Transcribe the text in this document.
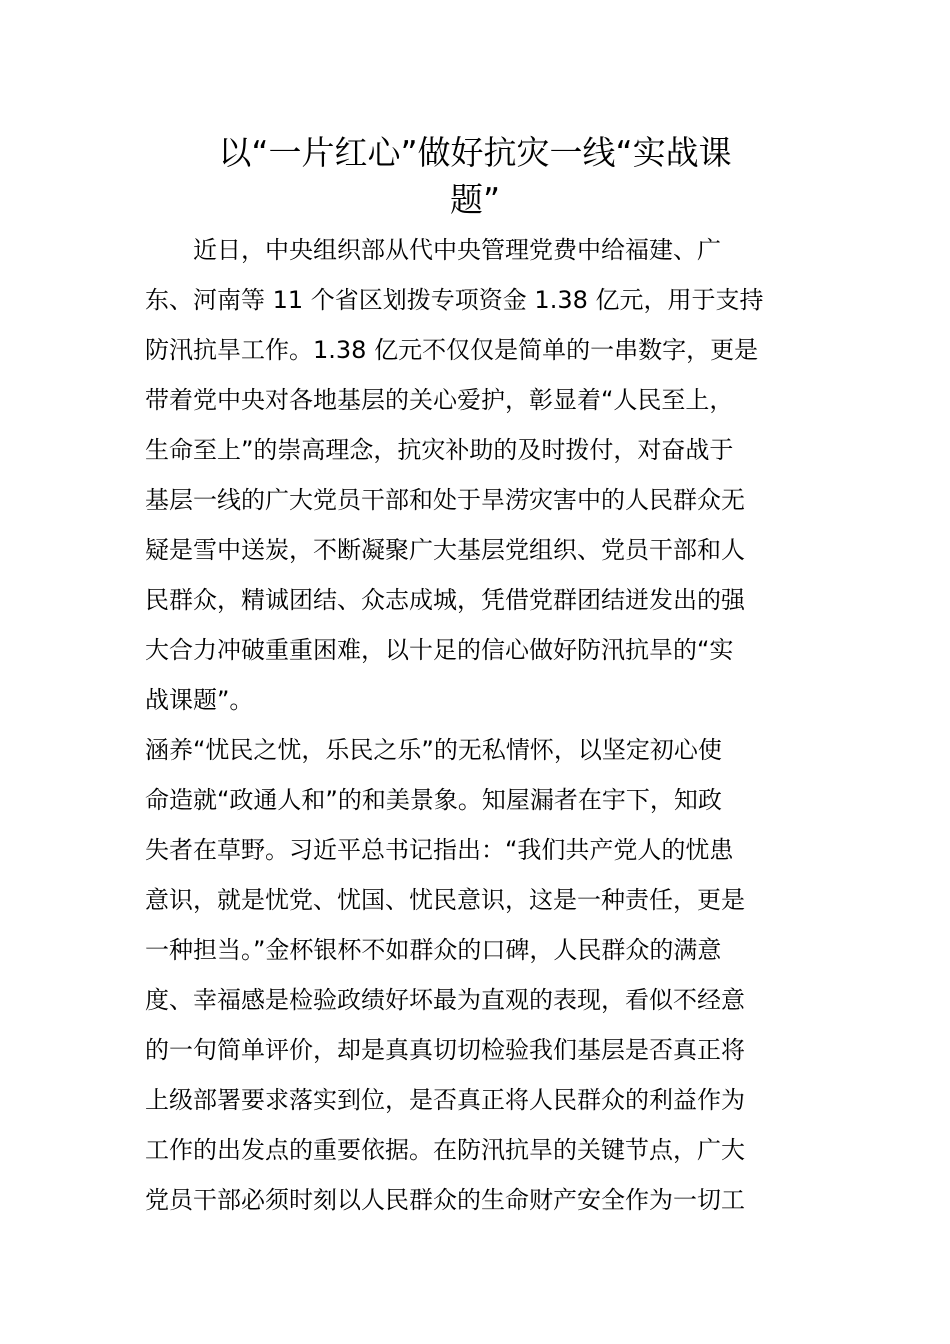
以“一片红心”做好抗灾一线“实战课
题”

　　近日，中央组织部从代中央管理党费中给福建、广

东、河南等 11 个省区划拨专项资金 1.38 亿元，用于支持

防汛抗旱工作。1.38 亿元不仅仅是简单的一串数字，更是

带着党中央对各地基层的关心爱护，彰显着“人民至上，

生命至上”的崇高理念，抗灾补助的及时拨付，对奋战于

基层一线的广大党员干部和处于旱涝灾害中的人民群众无

疑是雪中送炭，不断凝聚广大基层党组织、党员干部和人

民群众，精诚团结、众志成城，凭借党群团结迸发出的强

大合力冲破重重困难，以十足的信心做好防汛抗旱的“实

战课题”。

涵养“忧民之忧，乐民之乐”的无私情怀，以坚定初心使

命造就“政通人和”的和美景象。知屋漏者在宇下，知政

失者在草野。习近平总书记指出：“我们共产党人的忧患

意识，就是忧党、忧国、忧民意识，这是一种责任，更是

一种担当。”金杯银杯不如群众的口碑，人民群众的满意

度、幸福感是检验政绩好坏最为直观的表现，看似不经意

的一句简单评价，却是真真切切检验我们基层是否真正将

上级部署要求落实到位，是否真正将人民群众的利益作为

工作的出发点的重要依据。在防汛抗旱的关键节点，广大

党员干部必须时刻以人民群众的生命财产安全作为一切工
